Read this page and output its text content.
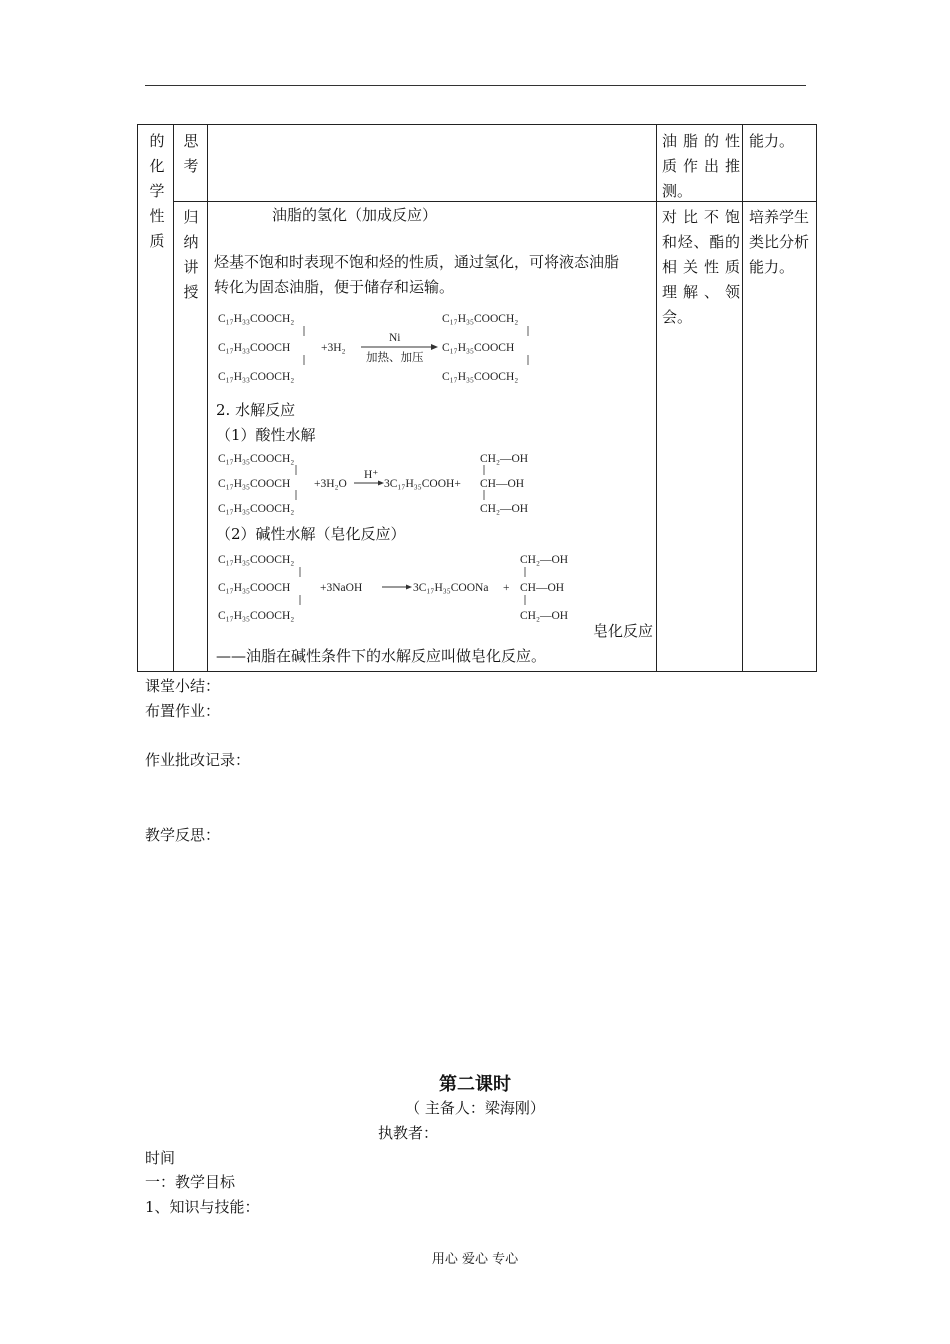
的
化
学
性
质
思
考
油 脂 的 性
质 作 出 推
测。
能力。
归
纳
讲
授
对 比 不 饱
和烃、酯的
相 关 性 质
理 解 、 领
会。
培养学生
类比分析
能力。
油脂的氢化（加成反应）
烃基不饱和时表现不饱和烃的性质，通过氢化，可将液态油脂
转化为固态油脂，便于储存和运输。
C₁₇H₃₃COOCH₂
C₁₇H₃₃COOCH
C₁₇H₃₃COOCH₂
+3H₂
Ni
加热、加压
C₁₇H₃₅COOCH₂
C₁₇H₃₅COOCH
C₁₇H₃₅COOCH₂
2. 水解反应
（1）酸性水解
C₁₇H₃₅COOCH₂
C₁₇H₃₅COOCH
C₁₇H₃₅COOCH₂
+3H₂O
H⁺
3C₁₇H₃₅COOH+
CH₂—OH
CH—OH
CH₂—OH
（2）碱性水解（皂化反应）
C₁₇H₃₅COOCH₂
C₁₇H₃₅COOCH
C₁₇H₃₅COOCH₂
+3NaOH	3C₁₇H₃₅COONa +
CH₂—OH
CH—OH
CH₂—OH
皂化反应
——油脂在碱性条件下的水解反应叫做皂化反应。
课堂小结：
布置作业：
作业批改记录：
教学反思：
第二课时
（ 主备人：梁海刚）
执教者：
时间
一：教学目标
1、知识与技能：
用心 爱心 专心
